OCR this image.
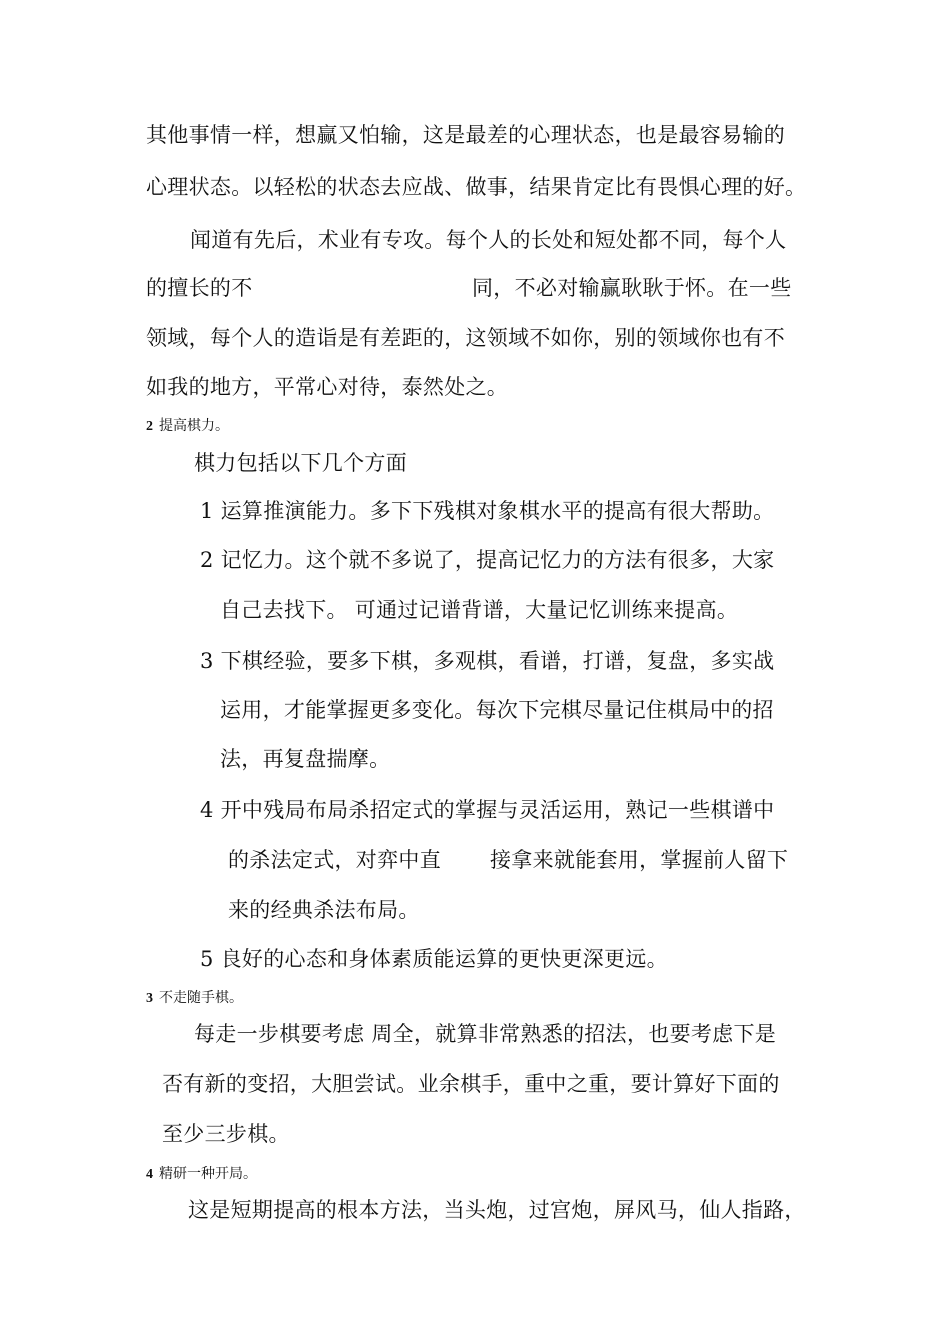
其他事情一样，想赢又怕输，这是最差的心理状态，也是最容易输的
心理状态。以轻松的状态去应战、做事，结果肯定比有畏惧心理的好。
闻道有先后，术业有专攻。每个人的长处和短处都不同，每个人
的擅长的不	同，不必对输赢耿耿于怀。在一些
领域，每个人的造诣是有差距的，这领域不如你，别的领域你也有不
如我的地方，平常心对待，泰然处之。
2 提高棋力。
棋力包括以下几个方面
1 运算推演能力。多下下残棋对象棋水平的提高有很大帮助。
2 记忆力。这个就不多说了，提高记忆力的方法有很多，大家
自己去找下。 可通过记谱背谱，大量记忆训练来提高。
3 下棋经验，要多下棋，多观棋，看谱，打谱，复盘，多实战
运用，才能掌握更多变化。每次下完棋尽量记住棋局中的招
法，再复盘揣摩。
4 开中残局布局杀招定式的掌握与灵活运用，熟记一些棋谱中
的杀法定式，对弈中直 接拿来就能套用，掌握前人留下
来的经典杀法布局。
5 良好的心态和身体素质能运算的更快更深更远。
3 不走随手棋。
每走一步棋要考虑 周全，就算非常熟悉的招法，也要考虑下是
否有新的变招，大胆尝试。业余棋手，重中之重，要计算好下面的
至少三步棋。
4 精研一种开局。
这是短期提高的根本方法，当头炮，过宫炮，屏风马，仙人指路，
